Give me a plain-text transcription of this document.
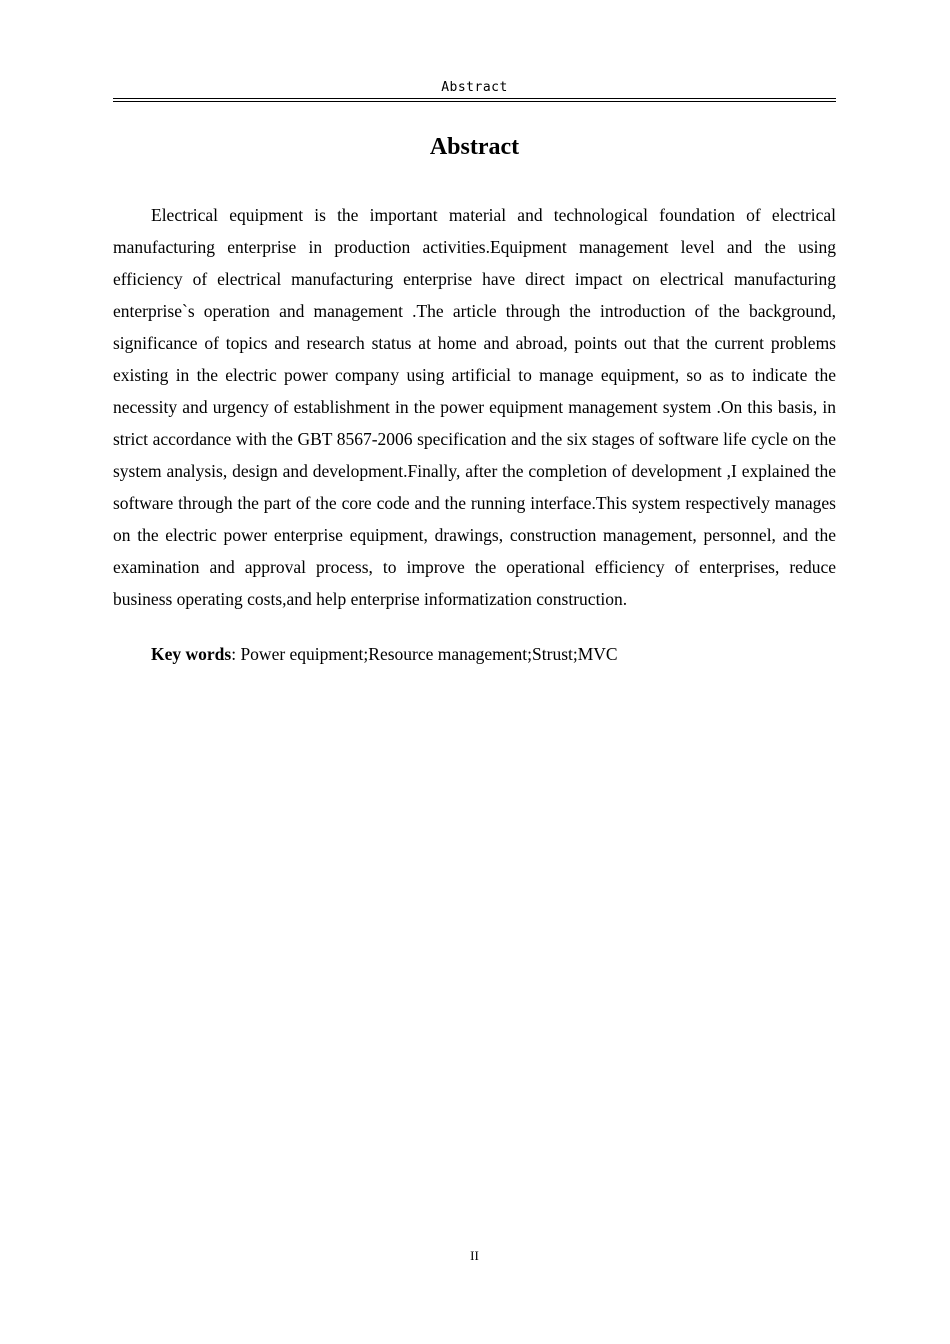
Abstract
Abstract

Electrical equipment is the important material and technological foundation of electrical manufacturing enterprise in production activities.Equipment management level and the using efficiency of electrical manufacturing enterprise have direct impact on electrical manufacturing enterprise`s operation and management .The article through the introduction of the background, significance of topics and research status at home and abroad, points out that the current problems existing in the electric power company using artificial to manage equipment, so as to indicate the necessity and urgency of establishment in the power equipment management system .On this basis, in strict accordance with the GBT 8567-2006 specification and the six stages of software life cycle on the system analysis, design and development.Finally, after the completion of development ,I explained the software through the part of the core code and the running interface.This system respectively manages on the electric power enterprise equipment, drawings, construction management, personnel, and the examination and approval process, to improve the operational efficiency of enterprises, reduce business operating costs,and help enterprise informatization construction.

Key words: Power equipment;Resource management;Strust;MVC

II
